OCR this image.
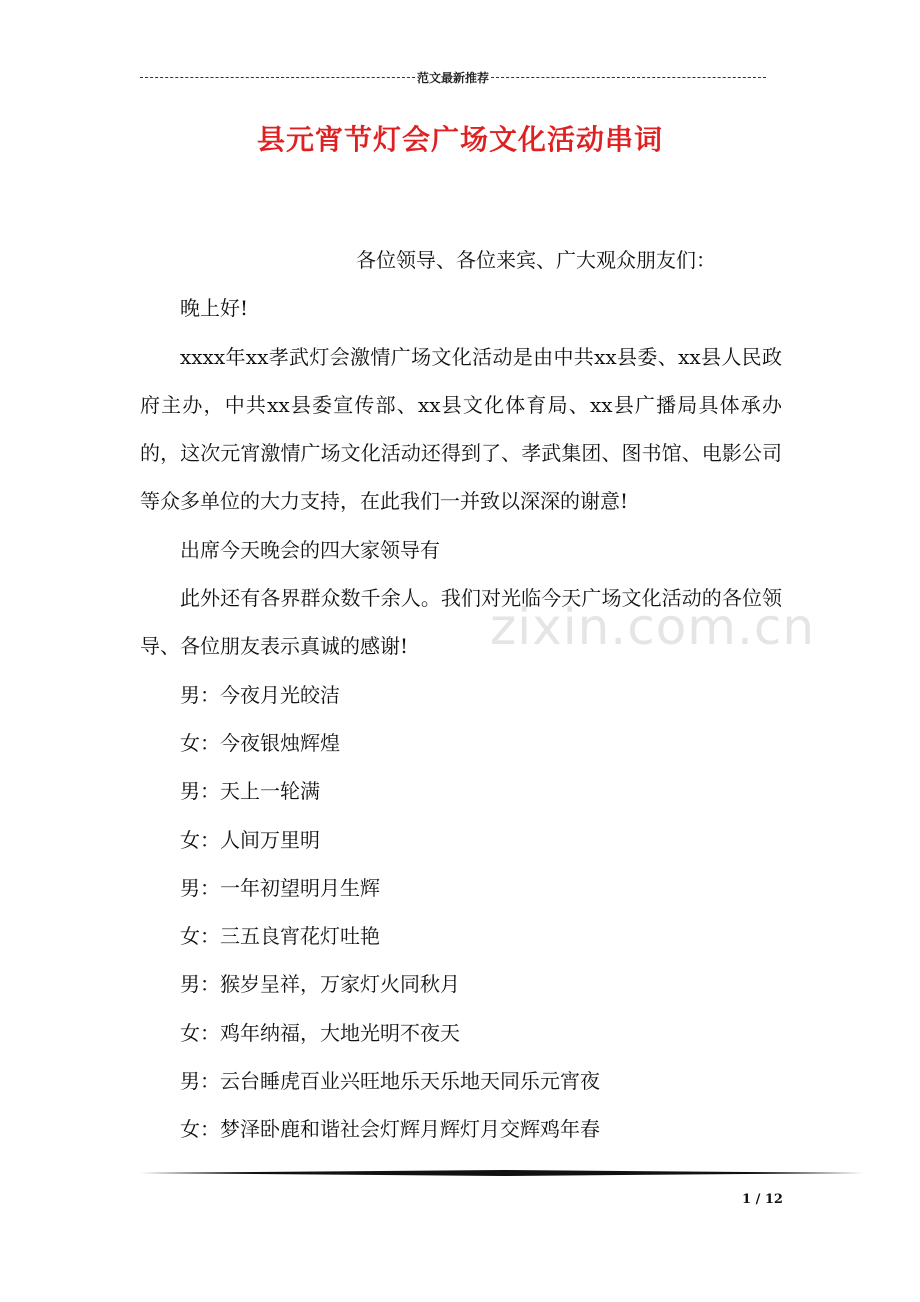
范文最新推荐
县元宵节灯会广场文化活动串词

各位领导、各位来宾、广大观众朋友们：

晚上好!

xxxx年xx孝武灯会激情广场文化活动是由中共xx县委、xx县人民政府主办，中共xx县委宣传部、xx县文化体育局、xx县广播局具体承办的，这次元宵激情广场文化活动还得到了、孝武集团、图书馆、电影公司等众多单位的大力支持，在此我们一并致以深深的谢意!

出席今天晚会的四大家领导有

此外还有各界群众数千余人。我们对光临今天广场文化活动的各位领导、各位朋友表示真诚的感谢!

男：今夜月光皎洁

女：今夜银烛辉煌

男：天上一轮满

女：人间万里明

男：一年初望明月生辉

女：三五良宵花灯吐艳

男：猴岁呈祥，万家灯火同秋月

女：鸡年纳福，大地光明不夜天

男：云台睡虎百业兴旺地乐天乐地天同乐元宵夜

女：梦泽卧鹿和谐社会灯辉月辉灯月交辉鸡年春

zixin.com.cn
1 / 12
